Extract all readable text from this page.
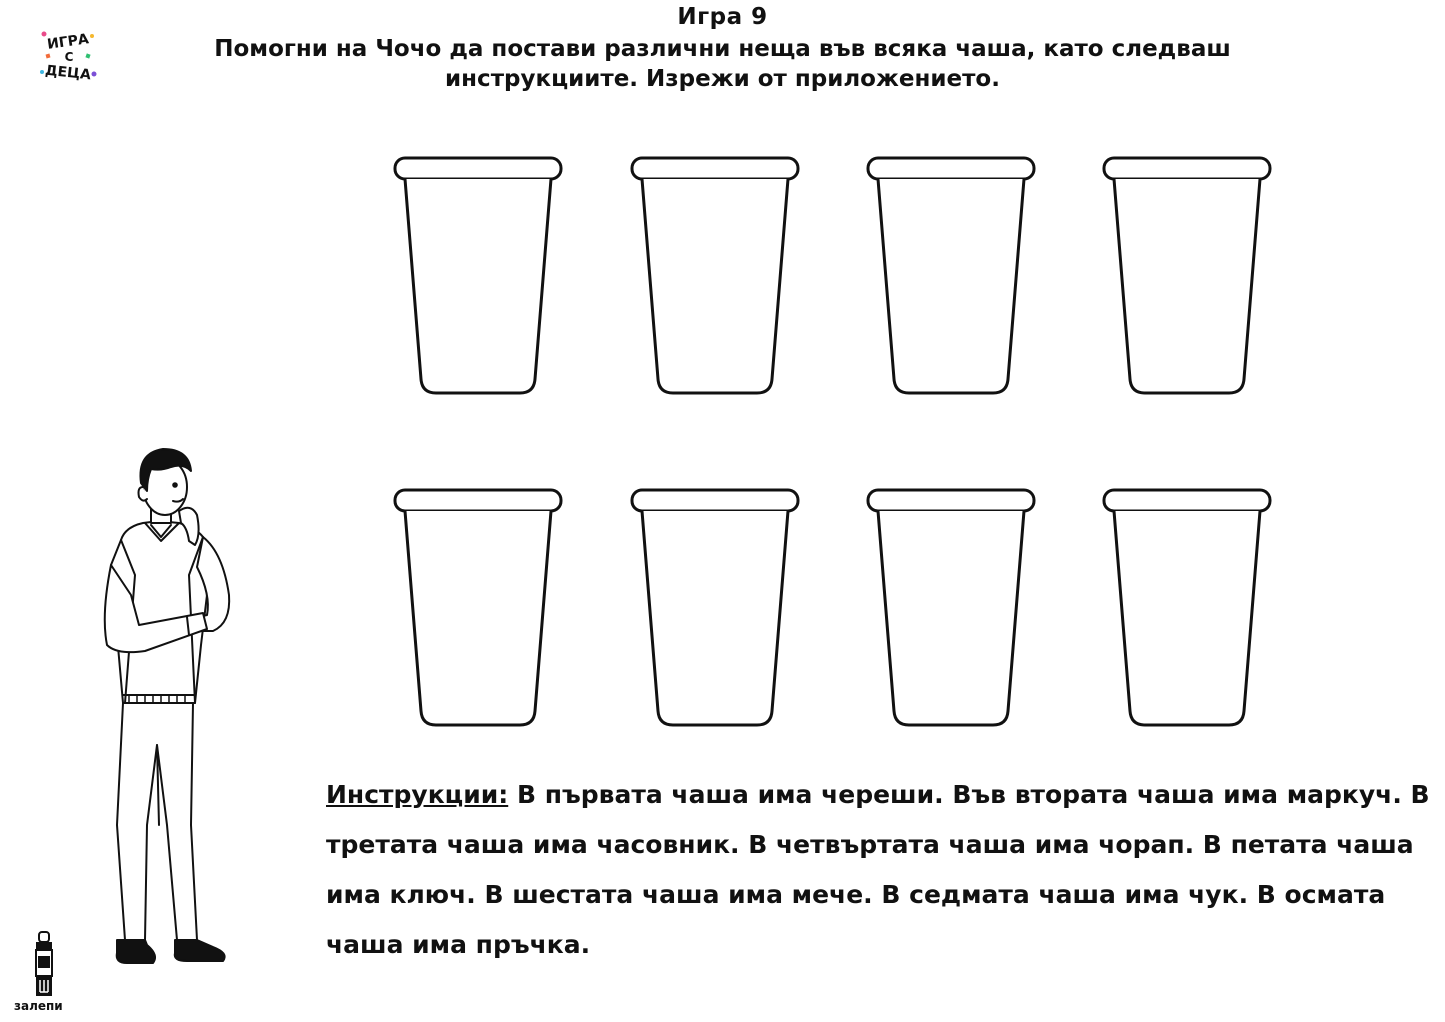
Игра 9
Помогни на Чочо да постави различни неща във всяка чаша, като следваш инструкциите. Изрежи от приложението.
ИГРА
С
ДЕЦА
Инструкции: В първата чаша има череши. Във втората чаша има маркуч. В третата чаша има часовник. В четвъртата чаша има чорап. В петата чаша има ключ. В шестата чаша има мече. В седмата чаша има чук. В осмата чаша има пръчка.
залепи
